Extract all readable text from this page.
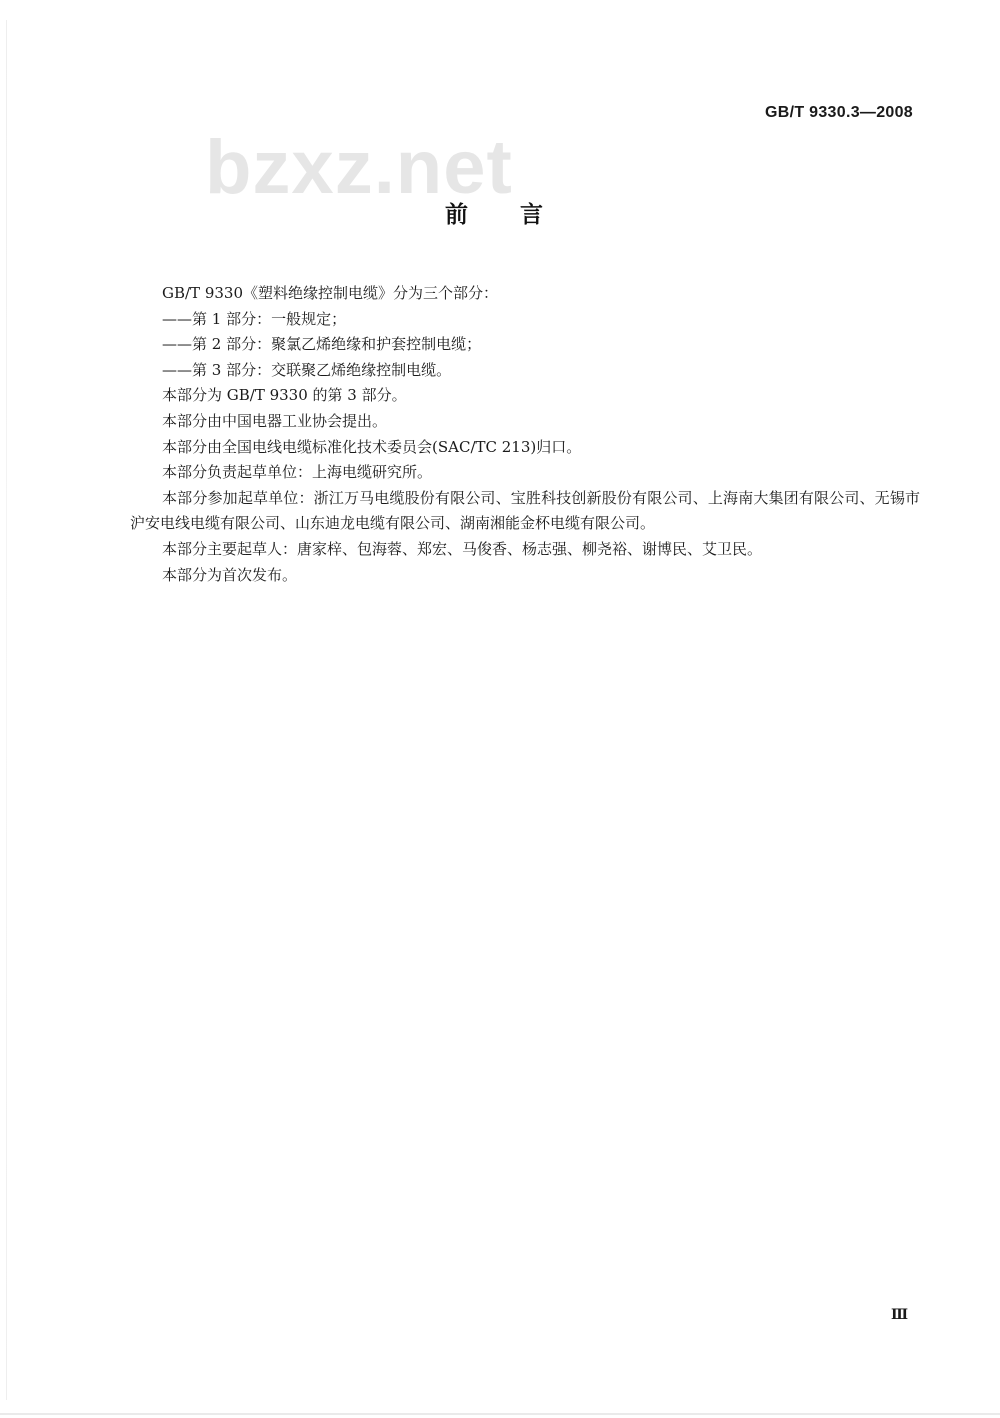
GB/T 9330.3—2008
bzxz.net
前言

GB/T 9330《塑料绝缘控制电缆》分为三个部分：

——第 1 部分：一般规定；

——第 2 部分：聚氯乙烯绝缘和护套控制电缆；

——第 3 部分：交联聚乙烯绝缘控制电缆。

本部分为 GB/T 9330 的第 3 部分。

本部分由中国电器工业协会提出。

本部分由全国电线电缆标准化技术委员会(SAC/TC 213)归口。

本部分负责起草单位：上海电缆研究所。

本部分参加起草单位：浙江万马电缆股份有限公司、宝胜科技创新股份有限公司、上海南大集团有限公司、无锡市沪安电线电缆有限公司、山东迪龙电缆有限公司、湖南湘能金杯电缆有限公司。

本部分主要起草人：唐家梓、包海蓉、郑宏、马俊香、杨志强、柳尧裕、谢博民、艾卫民。

本部分为首次发布。

Ⅲ
